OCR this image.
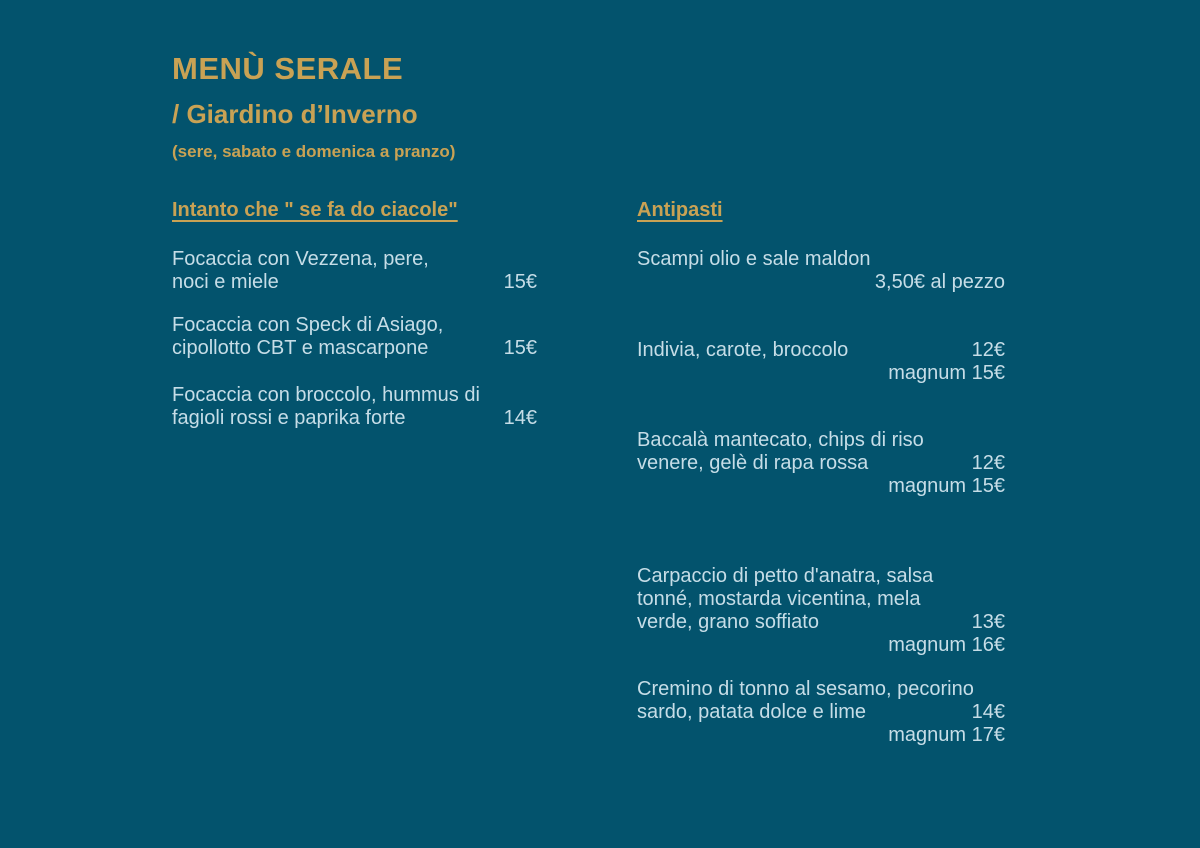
MENÙ SERALE
/ Giardino d’Inverno

(sere, sabato e domenica a pranzo)

Intanto che " se fa do ciacole"
Focaccia con Vezzena, pere,
noci e miele	15€
Focaccia con Speck di Asiago,
cipollotto CBT e mascarpone	15€
Focaccia con broccolo, hummus di
fagioli rossi e paprika forte	14€
Antipasti
Scampi olio e sale maldon
3,50€ al pezzo
Indivia, carote, broccolo	12€
magnum 15€
Baccalà mantecato, chips di riso
venere, gelè di rapa rossa	12€
magnum 15€
Carpaccio di petto d'anatra, salsa
tonné, mostarda vicentina, mela
verde, grano soffiato	13€
magnum 16€
Cremino di tonno al sesamo, pecorino
sardo, patata dolce e lime	14€
magnum 17€
